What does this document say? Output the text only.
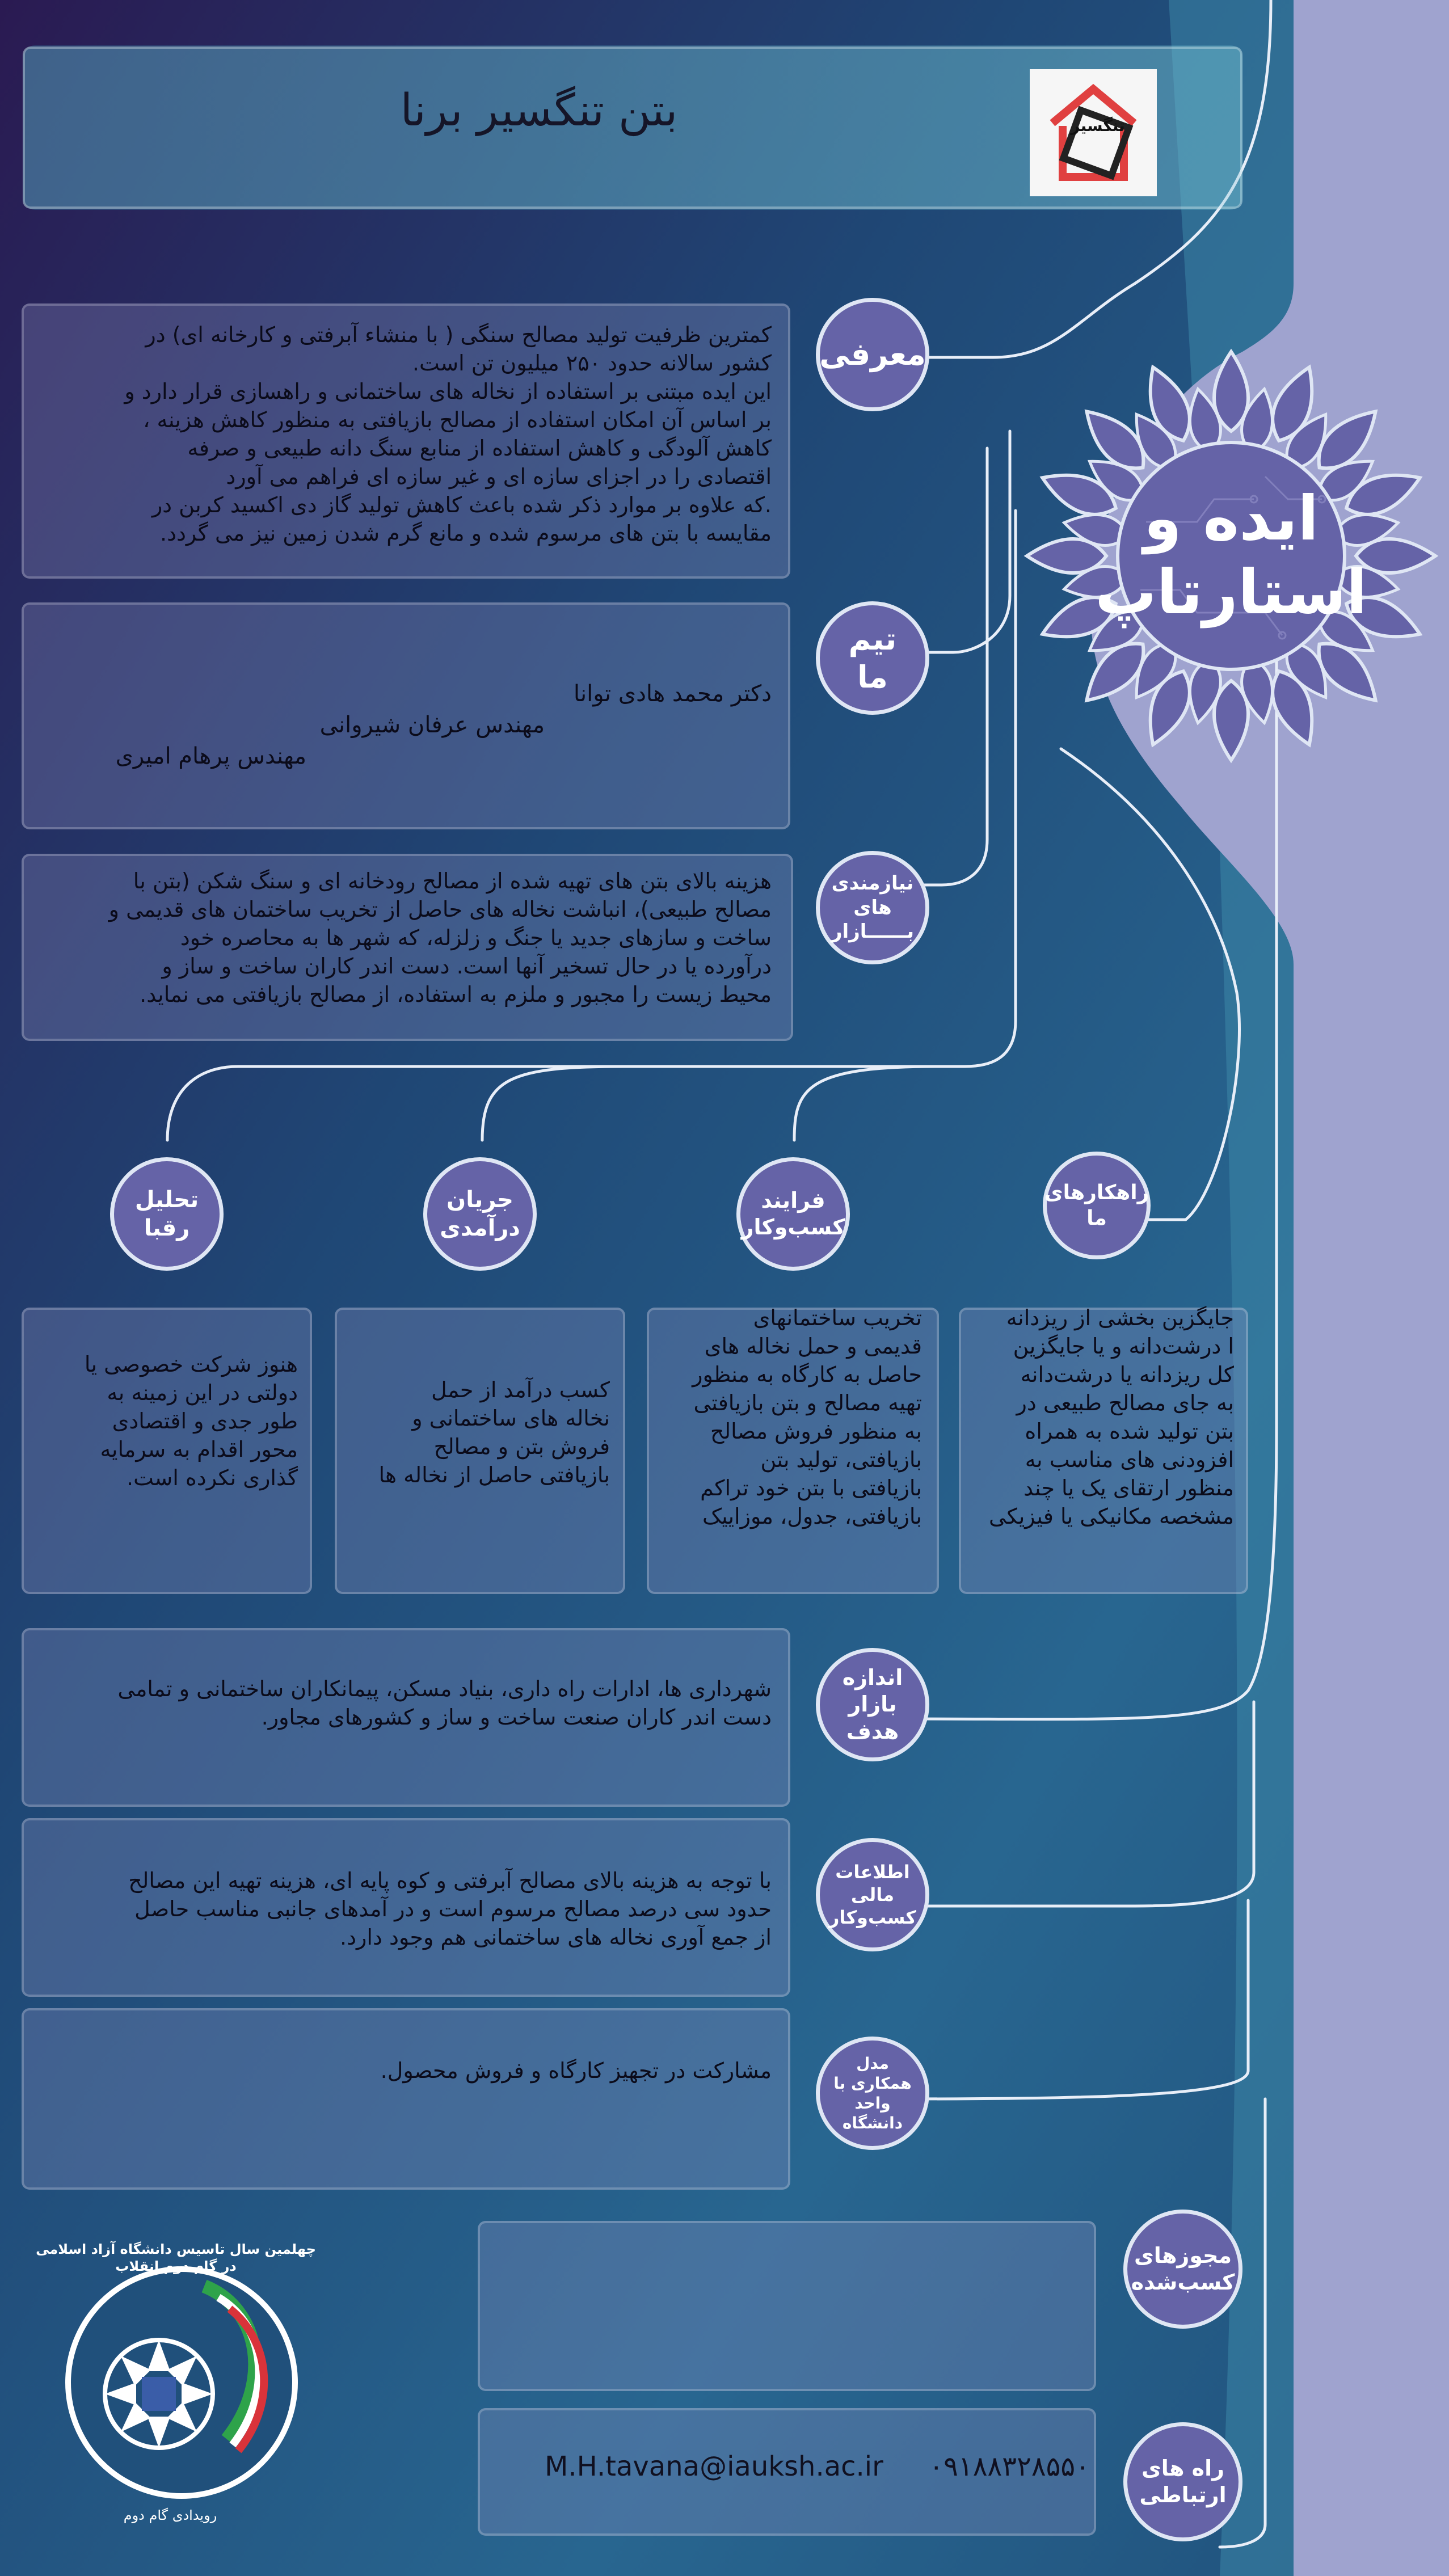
بتن تنگسیر برنا	تنگسیر
ایده و
استارتاپ

کمترین ظرفیت تولید مصالح سنگی ( با منشاء آبرفتی و کارخانه ای) در

کشور سالانه حدود ۲۵۰ میلیون تن است.

این ایده مبتنی بر استفاده از نخاله های ساختمانی و راهسازی قرار دارد و

بر اساس آن امکان استفاده از مصالح بازیافتی به منظور کاهش هزینه ،

کاهش آلودگی و کاهش استفاده از منابع سنگ دانه طبیعی و صرفه

اقتصادی را در اجزای سازه ای و غیر سازه ای فراهم می آورد

.که علاوه بر موارد ذکر شده باعث کاهش تولید گاز دی اکسید کربن در

مقایسه با بتن های مرسوم شده و مانع گرم شدن زمین نیز می گردد.

معرفی
دکتر محمد هادی توانا
مهندس عرفان شیروانی
مهندس پرهام امیری
تیم ما

هزینه بالای بتن های تهیه شده از مصالح رودخانه ای و سنگ شکن (بتن با

مصالح طبیعی)، انباشت نخاله های حاصل از تخریب ساختمان های قدیمی و

ساخت و سازهای جدید یا جنگ و زلزله، که شهر ها به محاصره خود

درآورده یا در حال تسخیر آنها است. دست اندر کاران ساخت و ساز و

محیط زیست را مجبور و ملزم به استفاده، از مصالح بازیافتی می نماید.

نیازمندی های بــــــازار
راهکارهای ما
فرایند کسب‌وکار
جریان درآمدی
تحلیل رقبا

جایگزین بخشی از ریزدانه

ا درشت‌دانه و یا جایگزین

کل ریزدانه یا درشت‌دانه

به جای مصالح طبیعی در

بتن تولید شده به همراه

افزودنی های مناسب به

منظور ارتقای یک یا چند

مشخصه مکانیکی یا فیزیکی

تخریب ساختمانهای

قدیمی و حمل نخاله های

حاصل به کارگاه به منظور

تهیه مصالح و بتن بازیافتی

به منظور فروش مصالح

بازیافتی، تولید بتن

بازیافتی با بتن خود تراکم

بازیافتی، جدول، موزاییک

کسب درآمد از حمل

نخاله های ساختمانی و

فروش بتن و مصالح

بازیافتی حاصل از نخاله ها

هنوز شرکت خصوصی یا

دولتی در این زمینه به

طور جدی و اقتصادی

محور اقدام به سرمایه

گذاری نکرده است.

شهرداری ها، ادارات راه داری، بنیاد مسکن، پیمانکاران ساختمانی و تمامی

دست اندر کاران صنعت ساخت و ساز و کشورهای مجاور.

اندازه بازار هدف

با توجه به هزینه بالای مصالح آبرفتی و کوه پایه ای، هزینه تهیه این مصالح

حدود سی درصد مصالح مرسوم است و در آمدهای جانبی مناسب حاصل

از جمع آوری نخاله های ساختمانی هم وجود دارد.

اطلاعات مالی کسب‌وکار

مشارکت در تجهیز کارگاه و فروش محصول.	مدل همکاری با واحد دانشگاه
مجوزهای کسب‌شده
M.H.tavana@iauksh.ac.ir ۰۹۱۸۸۳۲۸۵۵۰	راه های ارتباطی
چهلمین سال تاسیس دانشگاه آزاد اسلامی در گام دوم انقلاب
رویدادی گام دوم
